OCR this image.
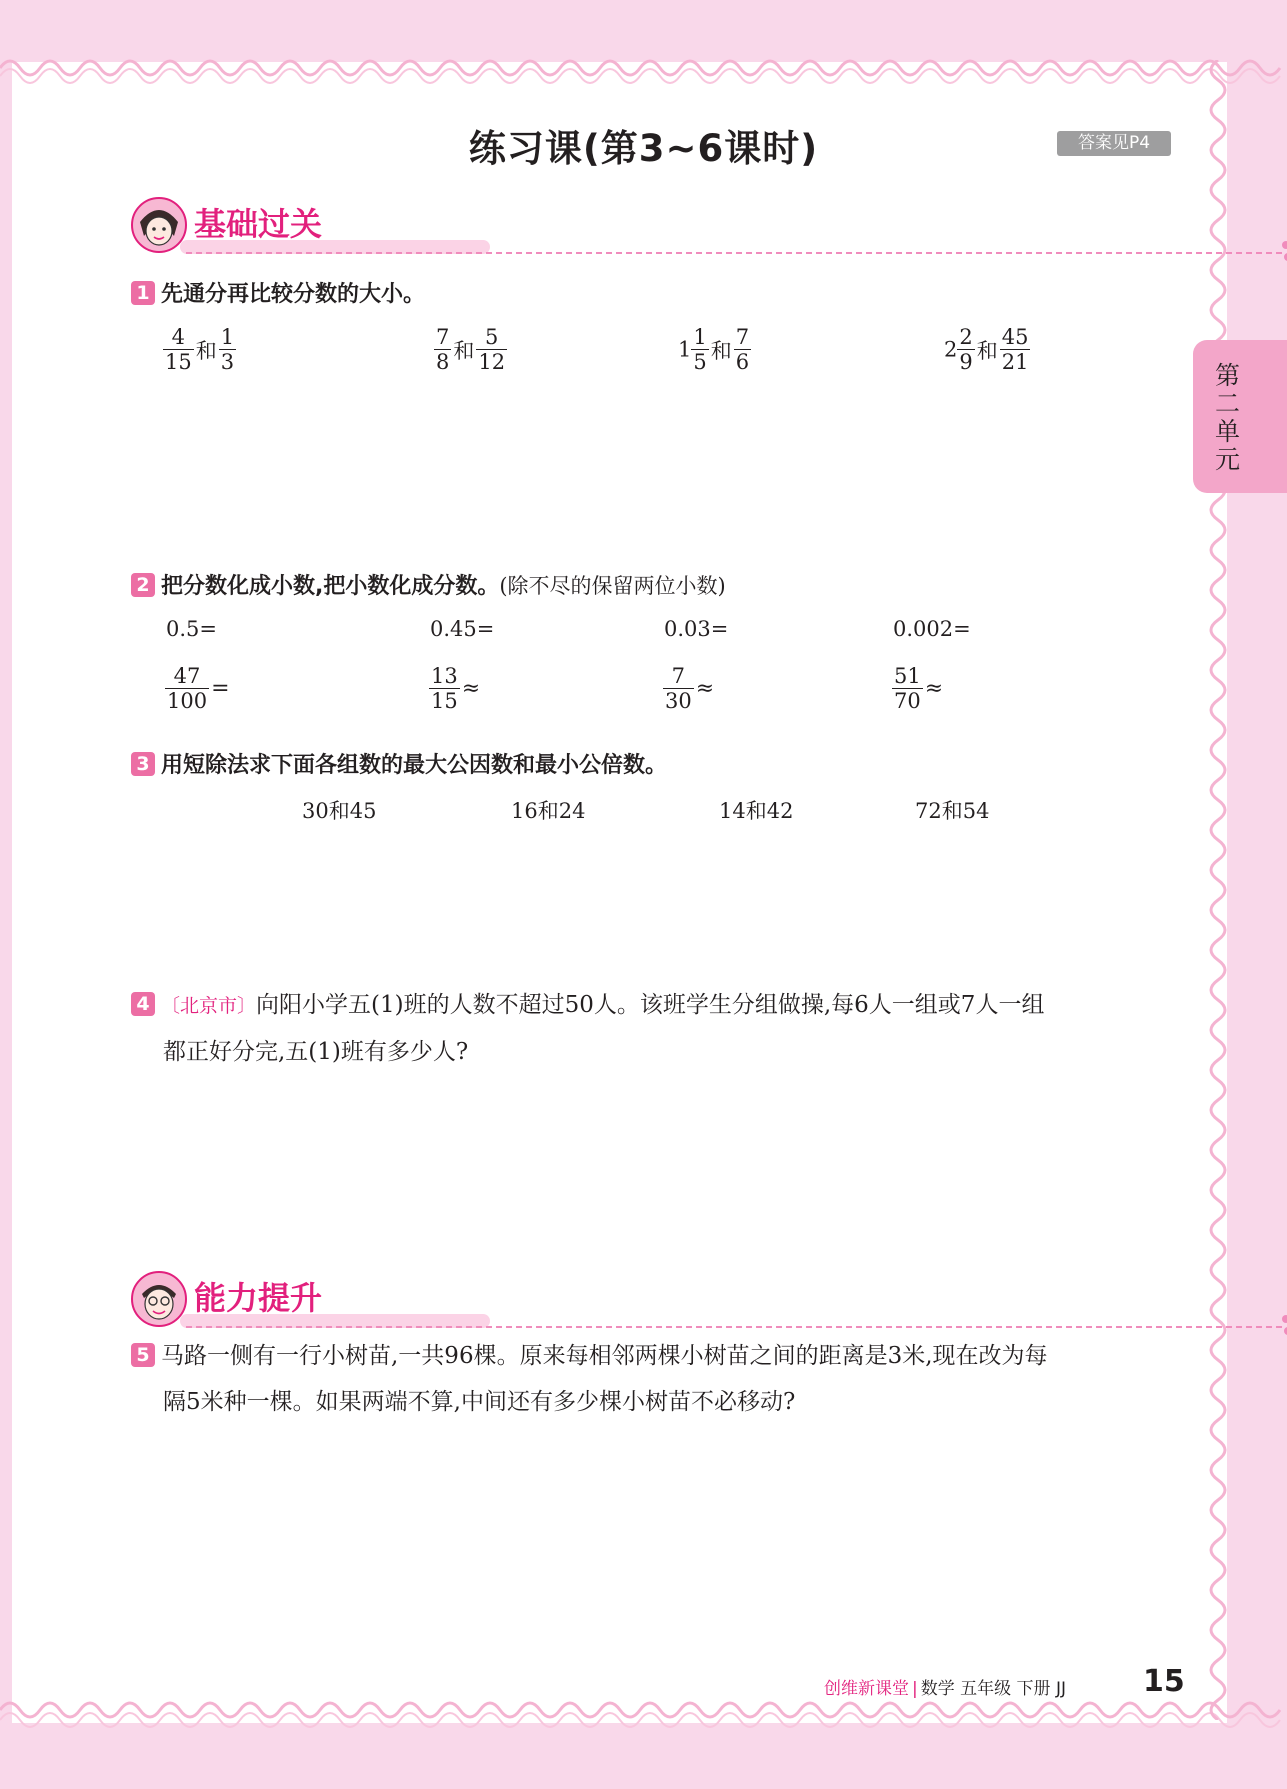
练习课(第3~6课时)	答案见P4
第二单元
基础过关
1 先通分再比较分数的大小。
$\frac{4}{15}$ 和 $\frac{1}{3}$	$\frac{7}{8}$ 和 $\frac{5}{12}$	$1 \frac{1}{5}$ 和 $\frac{7}{6}$	$2 \frac{2}{9}$ 和 $\frac{45}{21}$
2 把分数化成小数,把小数化成分数。(除不尽的保留两位小数)
0.5=	0.45=	0.03=	0.002=
$\frac{47}{100}$ =	$\frac{13}{15}$ ≈	$\frac{7}{30}$ ≈	$\frac{51}{70}$ ≈
3 用短除法求下面各组数的最大公因数和最小公倍数。
30和45	16和24	14和42	72和54
4 〔北京市〕向阳小学五(1)班的人数不超过50人。该班学生分组做操,每6人一组或7人一组
都正好分完,五(1)班有多少人?
能力提升
5 马路一侧有一行小树苗,一共96棵。原来每相邻两棵小树苗之间的距离是3米,现在改为每
隔5米种一棵。如果两端不算,中间还有多少棵小树苗不必移动?
创维新课堂 | 数学 五年级 下册 JJ	15
